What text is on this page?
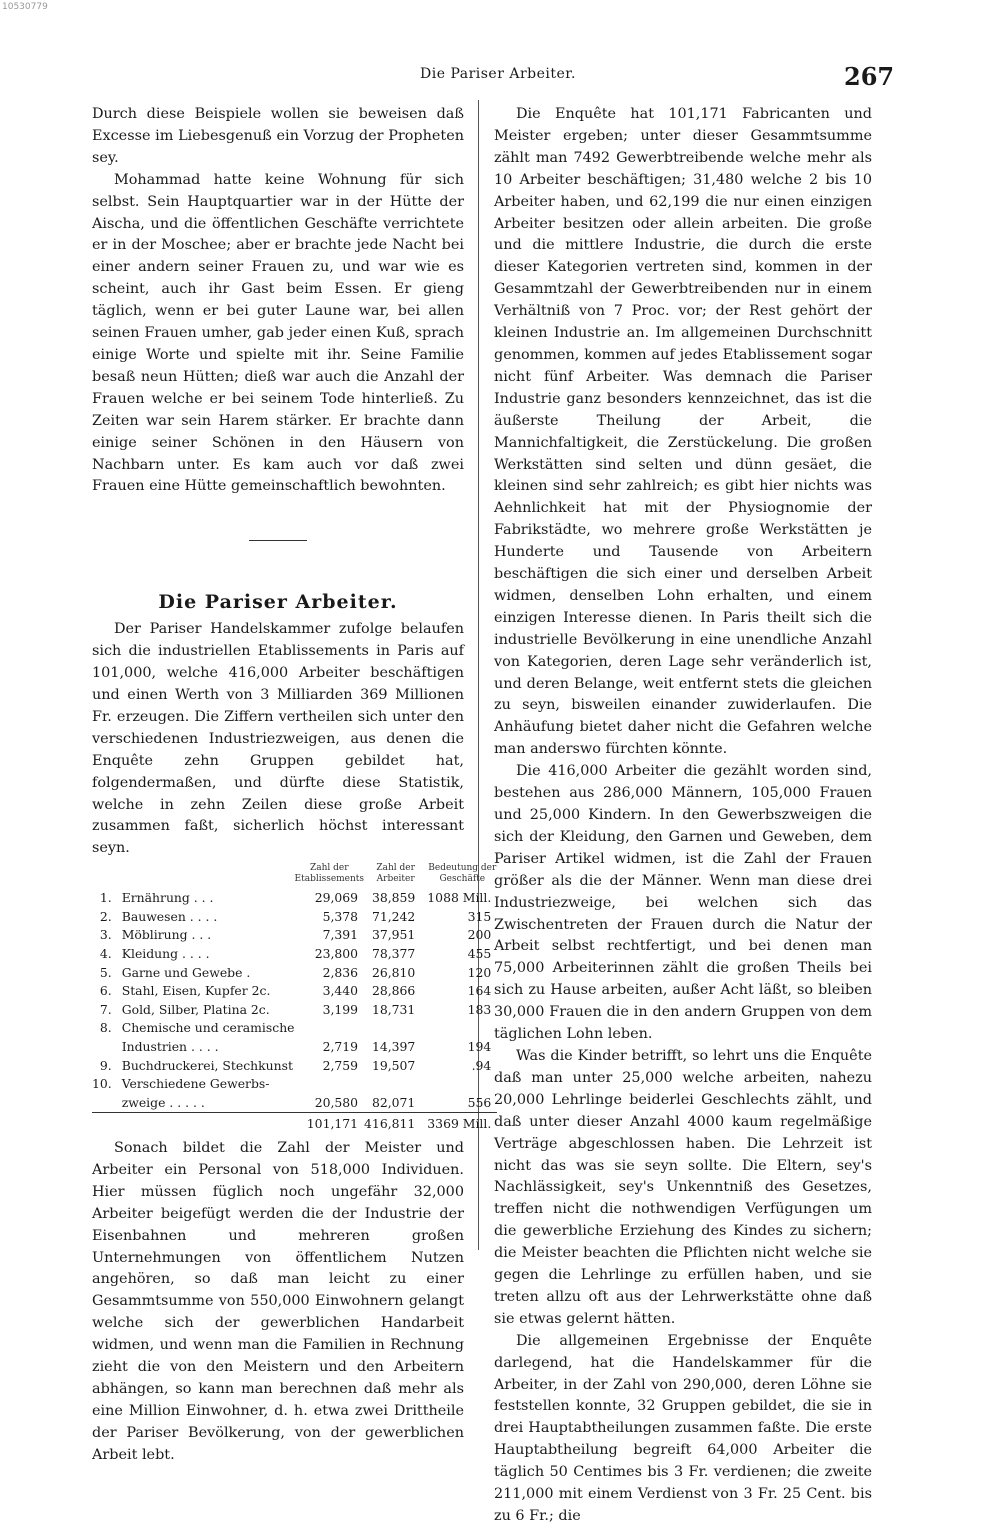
10530779
Die Pariser Arbeiter.	267

Durch diese Beispiele wollen sie beweisen daß Excesse im Liebesgenuß ein Vorzug der Propheten sey.

Mohammad hatte keine Wohnung für sich selbst. Sein Hauptquartier war in der Hütte der Aischa, und die öffentlichen Geschäfte verrichtete er in der Moschee; aber er brachte jede Nacht bei einer andern seiner Frauen zu, und war wie es scheint, auch ihr Gast beim Essen. Er gieng täglich, wenn er bei guter Laune war, bei allen seinen Frauen umher, gab jeder einen Kuß, sprach einige Worte und spielte mit ihr. Seine Familie besaß neun Hütten; dieß war auch die Anzahl der Frauen welche er bei seinem Tode hinterließ. Zu Zeiten war sein Harem stärker. Er brachte dann einige seiner Schönen in den Häusern von Nachbarn unter. Es kam auch vor daß zwei Frauen eine Hütte gemeinschaftlich bewohnten.

Die Pariser Arbeiter.

Der Pariser Handelskammer zufolge belaufen sich die industriellen Etablissements in Paris auf 101,000, welche 416,000 Arbeiter beschäftigen und einen Werth von 3 Milliarden 369 Millionen Fr. erzeugen. Die Ziffern vertheilen sich unter den verschiedenen Industriezweigen, aus denen die Enquête zehn Gruppen gebildet hat, folgendermaßen, und dürfte diese Statistik, welche in zehn Zeilen diese große Arbeit zusammen faßt, sicherlich höchst interessant seyn.

		Zahl der Etablissements	Zahl der Arbeiter	Bedeutung der Geschäfte
1.	Ernährung . . .	29,069	38,859	1088 Mill.
2.	Bauwesen . . . .	5,378	71,242	315
3.	Möblirung . . .	7,391	37,951	200
4.	Kleidung . . . .	23,800	78,377	455
5.	Garne und Gewebe .	2,836	26,810	120
6.	Stahl, Eisen, Kupfer 2c.	3,440	28,866	164
7.	Gold, Silber, Platina 2c.	3,199	18,731	183
8.	Chemische und ceramische			
	Industrien . . . .	2,719	14,397	194
9.	Buchdruckerei, Stechkunst	2,759	19,507	.94
10.	Verschiedene Gewerbs-			
	zweige . . . . .	20,580	82,071	556
		101,171	416,811	3369 Mill.

Sonach bildet die Zahl der Meister und Arbeiter ein Personal von 518,000 Individuen. Hier müssen füglich noch ungefähr 32,000 Arbeiter beigefügt werden die der Industrie der Eisenbahnen und mehreren großen Unternehmungen von öffentlichem Nutzen angehören, so daß man leicht zu einer Gesammtsumme von 550,000 Einwohnern gelangt welche sich der gewerblichen Handarbeit widmen, und wenn man die Familien in Rechnung zieht die von den Meistern und den Arbeitern abhängen, so kann man berechnen daß mehr als eine Million Einwohner, d. h. etwa zwei Drittheile der Pariser Bevölkerung, von der gewerblichen Arbeit lebt.

Die Enquête hat 101,171 Fabricanten und Meister ergeben; unter dieser Gesammtsumme zählt man 7492 Gewerbtreibende welche mehr als 10 Arbeiter beschäftigen; 31,480 welche 2 bis 10 Arbeiter haben, und 62,199 die nur einen einzigen Arbeiter besitzen oder allein arbeiten. Die große und die mittlere Industrie, die durch die erste dieser Kategorien vertreten sind, kommen in der Gesammtzahl der Gewerbtreibenden nur in einem Verhältniß von 7 Proc. vor; der Rest gehört der kleinen Industrie an. Im allgemeinen Durchschnitt genommen, kommen auf jedes Etablissement sogar nicht fünf Arbeiter. Was demnach die Pariser Industrie ganz besonders kennzeichnet, das ist die äußerste Theilung der Arbeit, die Mannichfaltigkeit, die Zerstückelung. Die großen Werkstätten sind selten und dünn gesäet, die kleinen sind sehr zahlreich; es gibt hier nichts was Aehnlichkeit hat mit der Physiognomie der Fabrikstädte, wo mehrere große Werkstätten je Hunderte und Tausende von Arbeitern beschäftigen die sich einer und derselben Arbeit widmen, denselben Lohn erhalten, und einem einzigen Interesse dienen. In Paris theilt sich die industrielle Bevölkerung in eine unendliche Anzahl von Kategorien, deren Lage sehr veränderlich ist, und deren Belange, weit entfernt stets die gleichen zu seyn, bisweilen einander zuwiderlaufen. Die Anhäufung bietet daher nicht die Gefahren welche man anderswo fürchten könnte.

Die 416,000 Arbeiter die gezählt worden sind, bestehen aus 286,000 Männern, 105,000 Frauen und 25,000 Kindern. In den Gewerbszweigen die sich der Kleidung, den Garnen und Geweben, dem Pariser Artikel widmen, ist die Zahl der Frauen größer als die der Männer. Wenn man diese drei Industriezweige, bei welchen sich das Zwischentreten der Frauen durch die Natur der Arbeit selbst rechtfertigt, und bei denen man 75,000 Arbeiterinnen zählt die großen Theils bei sich zu Hause arbeiten, außer Acht läßt, so bleiben 30,000 Frauen die in den andern Gruppen von dem täglichen Lohn leben.

Was die Kinder betrifft, so lehrt uns die Enquête daß man unter 25,000 welche arbeiten, nahezu 20,000 Lehrlinge beiderlei Geschlechts zählt, und daß unter dieser Anzahl 4000 kaum regelmäßige Verträge abgeschlossen haben. Die Lehrzeit ist nicht das was sie seyn sollte. Die Eltern, sey's Nachlässigkeit, sey's Unkenntniß des Gesetzes, treffen nicht die nothwendigen Verfügungen um die gewerbliche Erziehung des Kindes zu sichern; die Meister beachten die Pflichten nicht welche sie gegen die Lehrlinge zu erfüllen haben, und sie treten allzu oft aus der Lehrwerkstätte ohne daß sie etwas gelernt hätten.

Die allgemeinen Ergebnisse der Enquête darlegend, hat die Handelskammer für die Arbeiter, in der Zahl von 290,000, deren Löhne sie feststellen konnte, 32 Gruppen gebildet, die sie in drei Hauptabtheilungen zusammen faßte. Die erste Hauptabtheilung begreift 64,000 Arbeiter die täglich 50 Centimes bis 3 Fr. verdienen; die zweite 211,000 mit einem Verdienst von 3 Fr. 25 Cent. bis zu 6 Fr.; die
